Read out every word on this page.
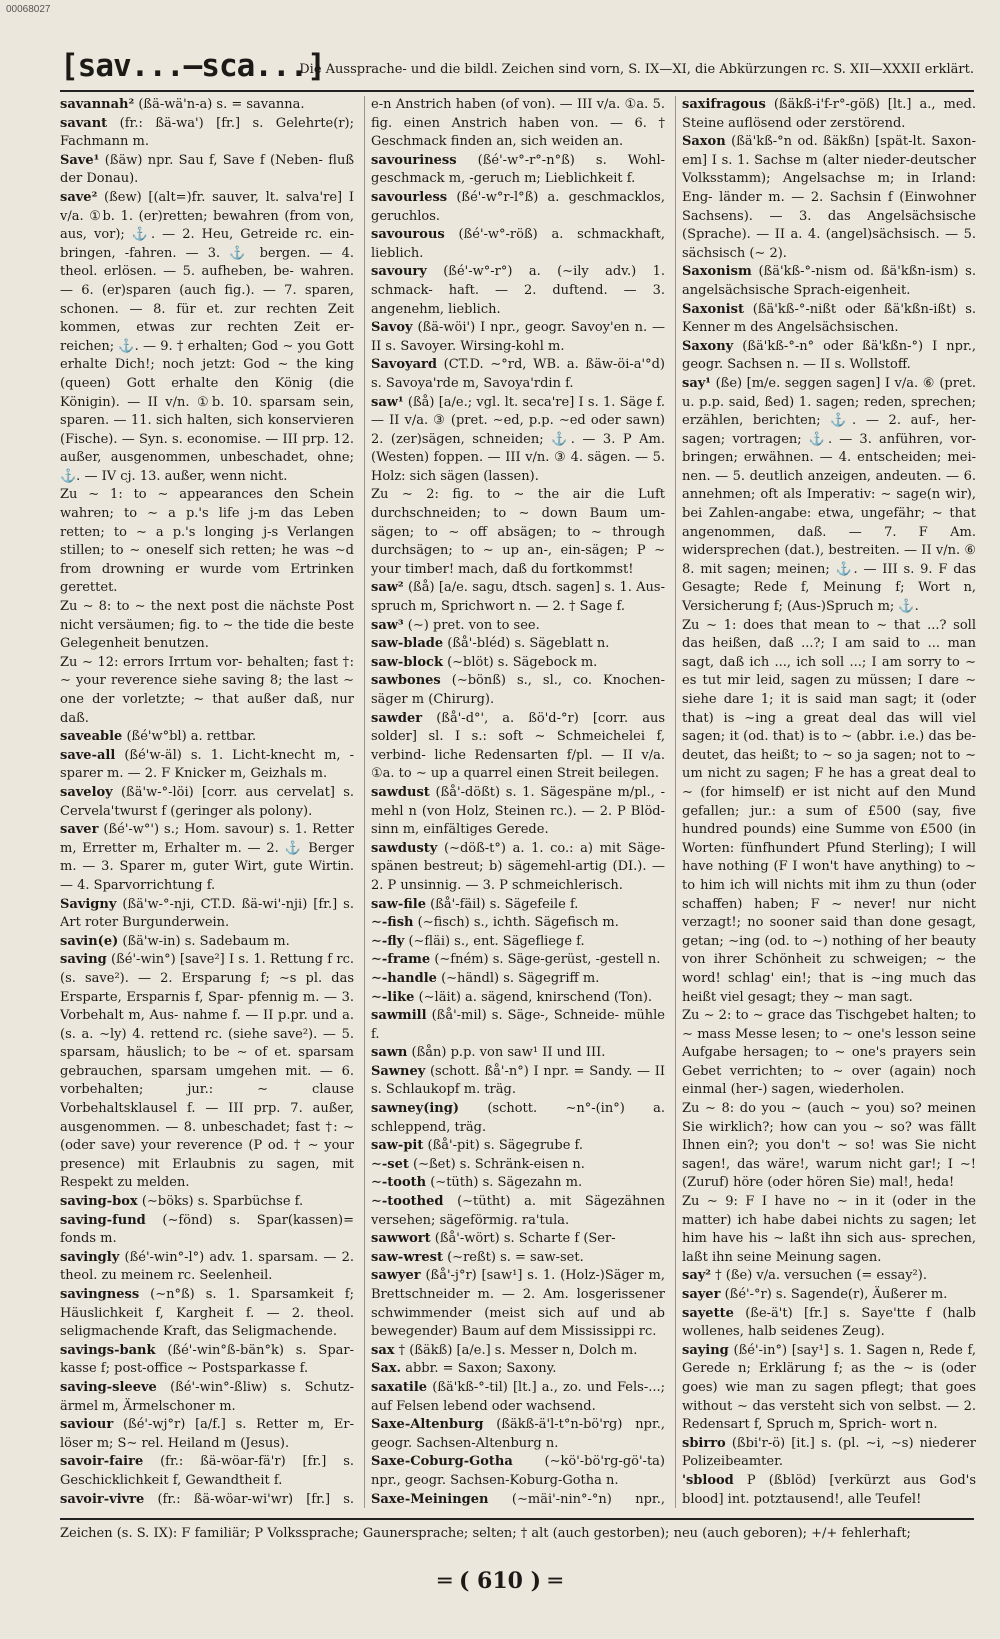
00068027
[sav...—sca...]
Die Aussprache- und die bildl. Zeichen sind vorn, S. IX—XI, die Abkürzungen rc. S. XII—XXXII erklärt.

savannah² (ßä-wä'n-a) s. = savanna.

savant (fr.: ßä-wa') [fr.] s. Gelehrte(r); Fachmann m.

Save¹ (ßäw) npr. Sau f, Save f (Neben- fluß der Donau).

save² (ßew) [(alt=)fr. sauver, lt. salva're] I v/a. ①b. 1. (er)retten; bewahren (from von, aus, vor); ⚓. — 2. Heu, Getreide rc. ein-bringen, -fahren. — 3. ⚓ bergen. — 4. theol. erlösen. — 5. aufheben, be- wahren. — 6. (er)sparen (auch fig.). — 7. sparen, schonen. — 8. für et. zur rechten Zeit kommen, etwas zur rechten Zeit er- reichen; ⚓. — 9. † erhalten; God ∼ you Gott erhalte Dich!; noch jetzt: God ∼ the king (queen) Gott erhalte den König (die Königin). — II v/n. ①b. 10. sparsam sein, sparen. — 11. sich halten, sich konservieren (Fische). — Syn. s. economise. — III prp. 12. außer, ausgenommen, unbeschadet, ohne; ⚓. — IV cj. 13. außer, wenn nicht.

Zu ∼ 1: to ∼ appearances den Schein wahren; to ∼ a p.'s life j-m das Leben retten; to ∼ a p.'s longing j-s Verlangen stillen; to ∼ oneself sich retten; he was ∼d from drowning er wurde vom Ertrinken gerettet.

Zu ∼ 8: to ∼ the next post die nächste Post nicht versäumen; fig. to ∼ the tide die beste Gelegenheit benutzen.

Zu ∼ 12: errors Irrtum vor- behalten; fast †: ∼ your reverence siehe saving 8; the last ∼ one der vorletzte; ∼ that außer daß, nur daß.

saveable (ßé'w°bl) a. rettbar.

save-all (ßé'w-äl) s. 1. Licht-knecht m, -sparer m. — 2. F Knicker m, Geizhals m.

saveloy (ßä'w-°-löi) [corr. aus cervelat] s. Cervela'twurst f (geringer als polony).

saver (ßé'-w°') s.; Hom. savour) s. 1. Retter m, Erretter m, Erhalter m. — 2. ⚓ Berger m. — 3. Sparer m, guter Wirt, gute Wirtin. — 4. Sparvorrichtung f.

Savigny (ßä'w-°-nji, CT.D. ßä-wi'-nji) [fr.] s. Art roter Burgunderwein.

savin(e) (ßä'w-in) s. Sadebaum m.

saving (ßé'-win°) [save²] I s. 1. Rettung f rc. (s. save²). — 2. Ersparung f; ∼s pl. das Ersparte, Ersparnis f, Spar- pfennig m. — 3. Vorbehalt m, Aus- nahme f. — II p.pr. und a. (s. a. ∼ly) 4. rettend rc. (siehe save²). — 5. sparsam, häuslich; to be ∼ of et. sparsam gebrauchen, sparsam umgehen mit. — 6. vorbehalten; jur.: ∼ clause Vorbehaltsklausel f. — III prp. 7. außer, ausgenommen. — 8. unbeschadet; fast †: ∼ (oder save) your reverence (P od. † ∼ your presence) mit Erlaubnis zu sagen, mit Respekt zu melden.

saving-box (∼böks) s. Sparbüchse f.

saving-fund (∼fönd) s. Spar(kassen)= fonds m.

savingly (ßé'-win°-l°) adv. 1. sparsam. — 2. theol. zu meinem rc. Seelenheil.

savingness (∼n°ß) s. 1. Sparsamkeit f; Häuslichkeit f, Kargheit f. — 2. theol. seligmachende Kraft, das Seligmachende.

savings-bank (ßé'-win°ß-bän°k) s. Spar- kasse f; post-office ∼ Postsparkasse f.

saving-sleeve (ßé'-win°-ßliw) s. Schutz- ärmel m, Ärmelschoner m.

saviour (ßé'-wj°r) [a/f.] s. Retter m, Er- löser m; S∼ rel. Heiland m (Jesus).

savoir-faire (fr.: ßä-wöar-fä'r) [fr.] s. Geschicklichkeit f, Gewandtheit f.

savoir-vivre (fr.: ßä-wöar-wi'wr) [fr.] s.

e-n Anstrich haben (of von). — III v/a. ①a. 5. fig. einen Anstrich haben von. — 6. † Geschmack finden an, sich weiden an.

savouriness (ßé'-w°-r°-n°ß) s. Wohl- geschmack m, -geruch m; Lieblichkeit f.

savourless (ßé'-w°r-l°ß) a. geschmacklos, geruchlos.

savourous (ßé'-w°-röß) a. schmackhaft, lieblich.

savoury (ßé'-w°-r°) a. (∼ily adv.) 1. schmack- haft. — 2. duftend. — 3. angenehm, lieblich.

Savoy (ßä-wöi') I npr., geogr. Savoy'en n. — II s. Savoyer. Wirsing-kohl m.

Savoyard (CT.D. ∼°rd, WB. a. ßäw-öi-a'°d) s. Savoya'rde m, Savoya'rdin f.

saw¹ (ßå) [a/e.; vgl. lt. seca're] I s. 1. Säge f. — II v/a. ③ (pret. ∼ed, p.p. ∼ed oder sawn) 2. (zer)sägen, schneiden; ⚓. — 3. P Am. (Westen) foppen. — III v/n. ③ 4. sägen. — 5. Holz: sich sägen (lassen).

Zu ∼ 2: fig. to ∼ the air die Luft durchschneiden; to ∼ down Baum um- sägen; to ∼ off absägen; to ∼ through durchsägen; to ∼ up an-, ein-sägen; P ∼ your timber! mach, daß du fortkommst!

saw² (ßå) [a/e. sagu, dtsch. sagen] s. 1. Aus- spruch m, Sprichwort n. — 2. † Sage f.

saw³ (∼) pret. von to see.

saw-blade (ßå'-bléd) s. Sägeblatt n.

saw-block (∼blöt) s. Sägebock m.

sawbones (∼bönß) s., sl., co. Knochen- säger m (Chirurg).

sawder (ßå'-d°', a. ßö'd-°r) [corr. aus solder] sl. I s.: soft ∼ Schmeichelei f, verbind- liche Redensarten f/pl. — II v/a. ①a. to ∼ up a quarrel einen Streit beilegen.

sawdust (ßå'-dößt) s. 1. Sägespäne m/pl., -mehl n (von Holz, Steinen rc.). — 2. P Blöd- sinn m, einfältiges Gerede.

sawdusty (∼döß-t°) a. 1. co.: a) mit Säge- spänen bestreut; b) sägemehl-artig (DI.). — 2. P unsinnig. — 3. P schmeichlerisch.

saw-file (ßå'-fäil) s. Sägefeile f.

∼-fish (∼fisch) s., ichth. Sägefisch m.

∼-fly (∼fläi) s., ent. Sägefliege f.

∼-frame (∼fném) s. Säge-gerüst, -gestell n.

∼-handle (∼händl) s. Sägegriff m.

∼-like (∼läit) a. sägend, knirschend (Ton).

sawmill (ßå'-mil) s. Säge-, Schneide- mühle f.

sawn (ßån) p.p. von saw¹ II und III.

Sawney (schott. ßå'-n°) I npr. = Sandy. — II s. Schlaukopf m. träg.

sawney(ing) (schott. ∼n°-(in°) a. schleppend, träg.

saw-pit (ßå'-pit) s. Sägegrube f.

∼-set (∼ßet) s. Schränk-eisen n.

∼-tooth (∼tüth) s. Sägezahn m.

∼-toothed (∼tütht) a. mit Sägezähnen versehen; sägeförmig. ra'tula.

sawwort (ßå'-wört) s. Scharte f (Ser-

saw-wrest (∼reßt) s. = saw-set.

sawyer (ßå'-j°r) [saw¹] s. 1. (Holz-)Säger m, Brettschneider m. — 2. Am. losgerissener schwimmender (meist sich auf und ab bewegender) Baum auf dem Mississippi rc.

sax † (ßäkß) [a/e.] s. Messer n, Dolch m.

Sax. abbr. = Saxon; Saxony.

saxatile (ßä'kß-°-til) [lt.] a., zo. und Fels-...; auf Felsen lebend oder wachsend.

Saxe-Altenburg (ßäkß-ä'l-t°n-bö'rg) npr., geogr. Sachsen-Altenburg n.

Saxe-Coburg-Gotha (∼kö'-bö'rg-gö'-ta) npr., geogr. Sachsen-Koburg-Gotha n.

Saxe-Meiningen (∼mäi'-nin°-°n) npr.,

saxifragous (ßäkß-i'f-r°-göß) [lt.] a., med. Steine auflösend oder zerstörend.

Saxon (ßä'kß-°n od. ßäkßn) [spät-lt. Saxon- em] I s. 1. Sachse m (alter nieder-deutscher Volksstamm); Angelsachse m; in Irland: Eng- länder m. — 2. Sachsin f (Einwohner Sachsens). — 3. das Angelsächsische (Sprache). — II a. 4. (angel)sächsisch. — 5. sächsisch (∼ 2).

Saxonism (ßä'kß-°-nism od. ßä'kßn-ism) s. angelsächsische Sprach-eigenheit.

Saxonist (ßä'kß-°-nißt oder ßä'kßn-ißt) s. Kenner m des Angelsächsischen.

Saxony (ßä'kß-°-n° oder ßä'kßn-°) I npr., geogr. Sachsen n. — II s. Wollstoff.

say¹ (ße) [m/e. seggen sagen] I v/a. ⑥ (pret. u. p.p. said, ßed) 1. sagen; reden, sprechen; erzählen, berichten; ⚓. — 2. auf-, her- sagen; vortragen; ⚓. — 3. anführen, vor- bringen; erwähnen. — 4. entscheiden; mei- nen. — 5. deutlich anzeigen, andeuten. — 6. annehmen; oft als Imperativ: ∼ sage(n wir), bei Zahlen-angabe: etwa, ungefähr; ∼ that angenommen, daß. — 7. F Am. widersprechen (dat.), bestreiten. — II v/n. ⑥ 8. mit sagen; meinen; ⚓. — III s. 9. F das Gesagte; Rede f, Meinung f; Wort n, Versicherung f; (Aus-)Spruch m; ⚓.

Zu ∼ 1: does that mean to ∼ that ...? soll das heißen, daß ...?; I am said to ... man sagt, daß ich ..., ich soll ...; I am sorry to ∼ es tut mir leid, sagen zu müssen; I dare ∼ siehe dare 1; it is said man sagt; it (oder that) is ∼ing a great deal das will viel sagen; it (od. that) is to ∼ (abbr. i.e.) das be- deutet, das heißt; to ∼ so ja sagen; not to ∼ um nicht zu sagen; F he has a great deal to ∼ (for himself) er ist nicht auf den Mund gefallen; jur.: a sum of £500 (say, five hundred pounds) eine Summe von £500 (in Worten: fünfhundert Pfund Sterling); I will have nothing (F I won't have anything) to ∼ to him ich will nichts mit ihm zu thun (oder schaffen) haben; F ∼ never! nur nicht verzagt!; no sooner said than done gesagt, getan; ∼ing (od. to ∼) nothing of her beauty von ihrer Schönheit zu schweigen; ∼ the word! schlag' ein!; that is ∼ing much das heißt viel gesagt; they ∼ man sagt.

Zu ∼ 2: to ∼ grace das Tischgebet halten; to ∼ mass Messe lesen; to ∼ one's lesson seine Aufgabe hersagen; to ∼ one's prayers sein Gebet verrichten; to ∼ over (again) noch einmal (her-) sagen, wiederholen.

Zu ∼ 8: do you ∼ (auch ∼ you) so? meinen Sie wirklich?; how can you ∼ so? was fällt Ihnen ein?; you don't ∼ so! was Sie nicht sagen!, das wäre!, warum nicht gar!; I ∼! (Zuruf) höre (oder hören Sie) mal!, heda!

Zu ∼ 9: F I have no ∼ in it (oder in the matter) ich habe dabei nichts zu sagen; let him have his ∼ laßt ihn sich aus- sprechen, laßt ihn seine Meinung sagen.

say² † (ße) v/a. versuchen (= essay²).

sayer (ßé'-°r) s. Sagende(r), Äußerer m.

sayette (ße-ä't) [fr.] s. Saye'tte f (halb wollenes, halb seidenes Zeug).

saying (ßé'-in°) [say¹] s. 1. Sagen n, Rede f, Gerede n; Erklärung f; as the ∼ is (oder goes) wie man zu sagen pflegt; that goes without ∼ das versteht sich von selbst. — 2. Redensart f, Spruch m, Sprich- wort n.

sbirro (ßbi'r-ö) [it.] s. (pl. ∼i, ∼s) niederer Polizeibeamter.

'sblood P (ßblöd) [verkürzt aus God's blood] int. potztausend!, alle Teufel!

Zeichen (s. S. IX): F familiär; P Volkssprache; Gaunersprache; selten; † alt (auch gestorben); neu (auch geboren); +/+ fehlerhaft;
═ ( 610 ) ═
